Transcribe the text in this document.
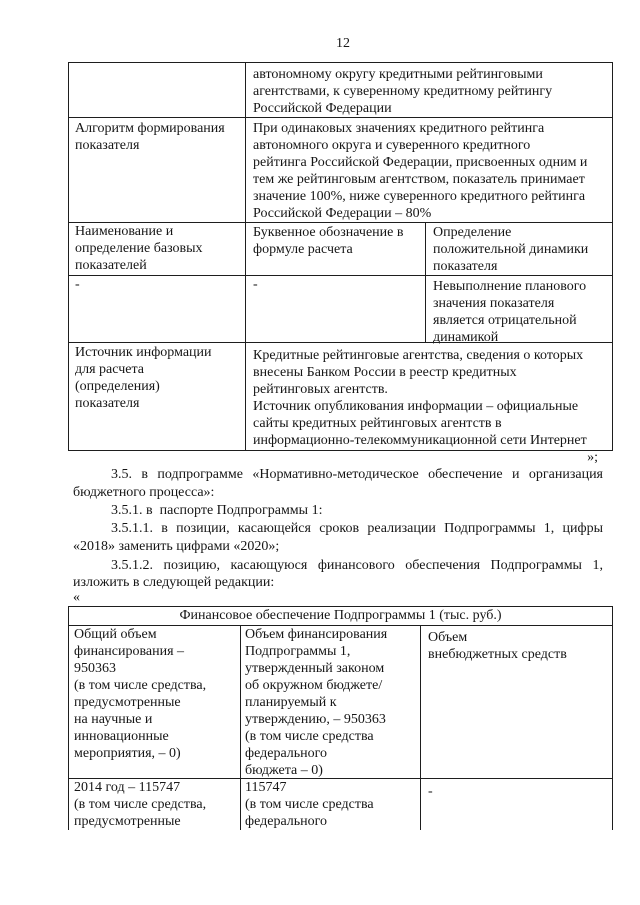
12
автономному округу кредитными рейтинговыми
агентствами, к суверенному кредитному рейтингу
Российской Федерации
Алгоритм формирования
показателя
При одинаковых значениях кредитного рейтинга
автономного округа и суверенного кредитного
рейтинга Российской Федерации, присвоенных одним и
тем же рейтинговым агентством, показатель принимает
значение 100%, ниже суверенного кредитного рейтинга
Российской Федерации – 80%
Наименование и
определение базовых
показателей
Буквенное обозначение в
формуле расчета
Определение
положительной динамики
показателя
-	-	Невыполнение планового
значения показателя
является отрицательной
динамикой
Источник информации
для расчета
(определения)
показателя
Кредитные рейтинговые агентства, сведения о которых
внесены Банком России в реестр кредитных
рейтинговых агентств.
Источник опубликования информации – официальные
сайты кредитных рейтинговых агентств в
информационно-телекоммуникационной сети Интернет
»;
3.5. в подпрограмме «Нормативно-методическое обеспечение и организация
бюджетного процесса»:
3.5.1. в  паспорте Подпрограммы 1:
3.5.1.1. в позиции, касающейся сроков реализации Подпрограммы 1, цифры
«2018» заменить цифрами «2020»;
3.5.1.2. позицию, касающуюся финансового обеспечения Подпрограммы 1,
изложить в следующей редакции:
«
Финансовое обеспечение Подпрограммы 1 (тыс. руб.)
Общий объем
финансирования –
950363
(в том числе средства,
предусмотренные
на научные и
инновационные
мероприятия, – 0)
Объем финансирования
Подпрограммы 1,
утвержденный законом
об окружном бюджете/
планируемый к
утверждению, – 950363
(в том числе средства
федерального
бюджета – 0)
Объем
внебюджетных средств
2014 год – 115747
(в том числе средства,
предусмотренные
115747
(в том числе средства
федерального
-
